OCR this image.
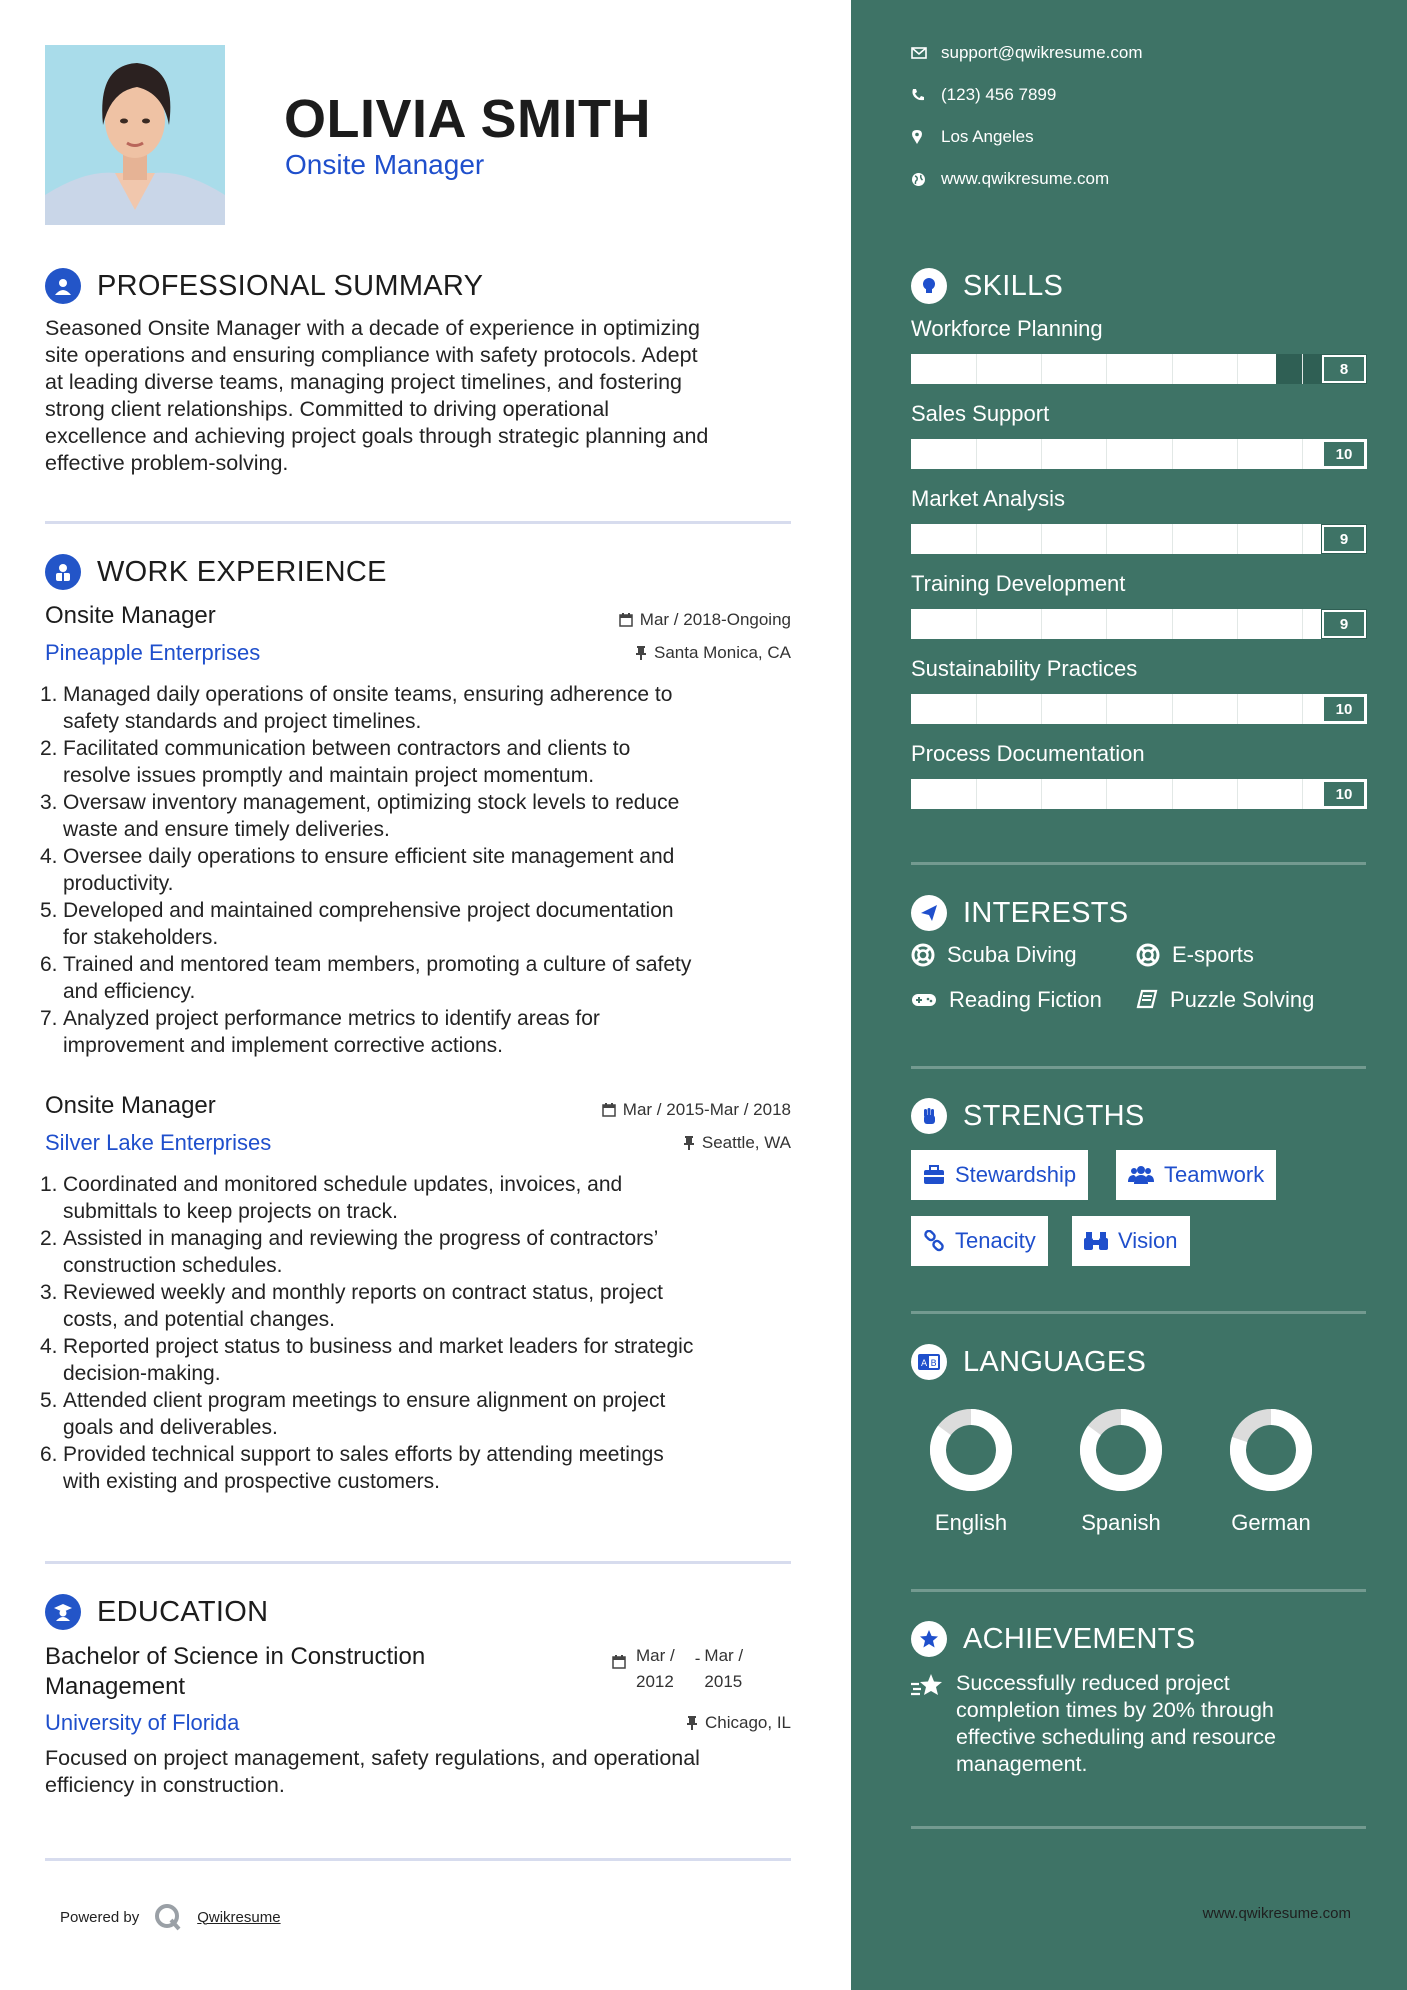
OLIVIA SMITH
Onsite Manager
PROFESSIONAL SUMMARY
Seasoned Onsite Manager with a decade of experience in optimizing
site operations and ensuring compliance with safety protocols. Adept
at leading diverse teams, managing project timelines, and fostering
strong client relationships. Committed to driving operational
excellence and achieving project goals through strategic planning and
effective problem-solving.
WORK EXPERIENCE
Onsite Manager	Mar / 2018-Ongoing
Pineapple Enterprises	Santa Monica, CA
1. Managed daily operations of onsite teams, ensuring adherence to
safety standards and project timelines.
2. Facilitated communication between contractors and clients to
resolve issues promptly and maintain project momentum.
3. Oversaw inventory management, optimizing stock levels to reduce
waste and ensure timely deliveries.
4. Oversee daily operations to ensure efficient site management and
productivity.
5. Developed and maintained comprehensive project documentation
for stakeholders.
6. Trained and mentored team members, promoting a culture of safety
and efficiency.
7. Analyzed project performance metrics to identify areas for
improvement and implement corrective actions.
Onsite Manager	Mar / 2015-Mar / 2018
Silver Lake Enterprises	Seattle, WA
1. Coordinated and monitored schedule updates, invoices, and
submittals to keep projects on track.
2. Assisted in managing and reviewing the progress of contractors’
construction schedules.
3. Reviewed weekly and monthly reports on contract status, project
costs, and potential changes.
4. Reported project status to business and market leaders for strategic
decision-making.
5. Attended client program meetings to ensure alignment on project
goals and deliverables.
6. Provided technical support to sales efforts by attending meetings
with existing and prospective customers.
EDUCATION
Bachelor of Science in Construction
Management
Mar /
2012
- Mar /
2015
University of Florida	Chicago, IL
Focused on project management, safety regulations, and operational
efficiency in construction.
Powered by	Qwikresume
support@qwikresume.com
(123) 456 7899
Los Angeles
www.qwikresume.com
SKILLS
Workforce Planning
8
Sales Support
10
Market Analysis
9
Training Development
9
Sustainability Practices
10
Process Documentation
10
INTERESTS
Scuba Diving	E-sports
Reading Fiction	Puzzle Solving
STRENGTHS
Stewardship	Teamwork
Tenacity	Vision
A B LANGUAGES
English	Spanish	German
ACHIEVEMENTS
Successfully reduced project
completion times by 20% through
effective scheduling and resource
management.
www.qwikresume.com
